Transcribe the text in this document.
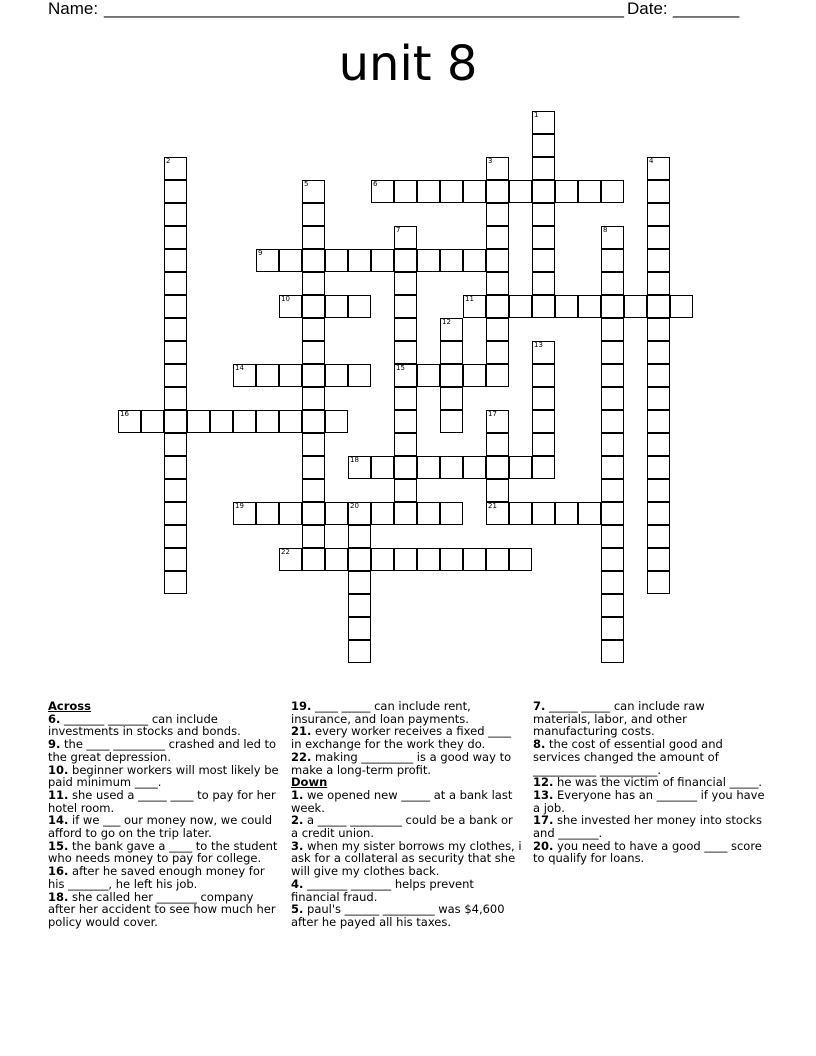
Name: _______________________________________________________ Date: _______
unit 8
6
9
10	11
14	15
16
18
19	20	21
22
1
2	3	4
5
7	8
12
13
17
Across
6. _______ _______ can include investments in stocks and bonds.
9. the ____ _________ crashed and led to the great depression.
10. beginner workers will most likely be paid minimum ____.
11. she used a _____ ____ to pay for her hotel room.
14. if we ___ our money now, we could afford to go on the trip later.
15. the bank gave a ____ to the student who needs money to pay for college.
16. after he saved enough money for his _______, he left his job.
18. she called her _______ company after her accident to see how much her policy would cover.
19. ____ _____ can include rent, insurance, and loan payments.
21. every worker receives a fixed ____ in exchange for the work they do.
22. making _________ is a good way to make a long-term profit.
Down
1. we opened new _____ at a bank last week.
2. a _____ _________ could be a bank or a credit union.
3. when my sister borrows my clothes, i ask for a collateral as security that she will give my clothes back.
4. _______ _______ helps prevent financial fraud.
5. paul's ______ _________ was $4,600 after he payed all his taxes.
7. _____ _____ can include raw materials, labor, and other manufacturing costs.
8. the cost of essential good and services changed the amount of ___________ __________.
12. he was the victim of financial _____.
13. Everyone has an _______ if you have a job.
17. she invested her money into stocks and _______.
20. you need to have a good ____ score to qualify for loans.
